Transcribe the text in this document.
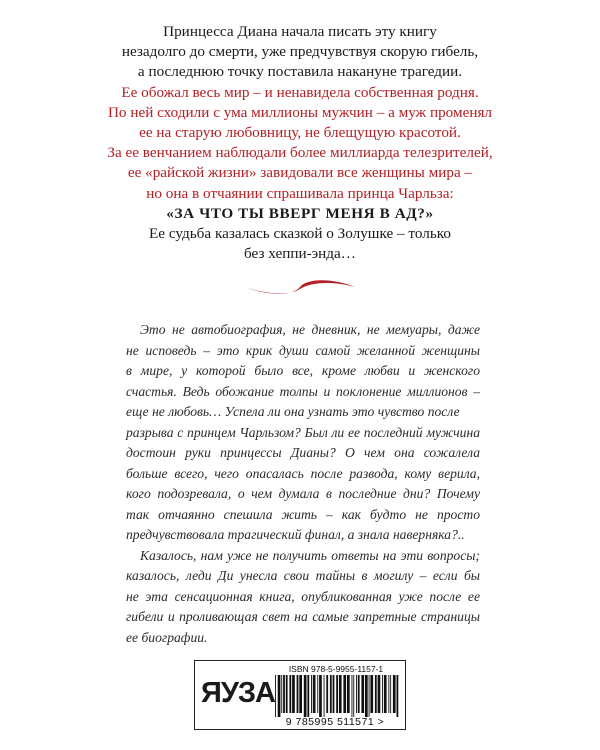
Принцесса Диана начала писать эту книгу
незадолго до смерти, уже предчувствуя скорую гибель,
а последнюю точку поставила накануне трагедии.
Ее обожал весь мир – и ненавидела собственная родня.
По ней сходили с ума миллионы мужчин – а муж променял
ее на старую любовницу, не блещущую красотой.
За ее венчанием наблюдали более миллиарда телезрителей,
ее «райской жизни» завидовали все женщины мира –
но она в отчаянии спрашивала принца Чарльза:
«ЗА ЧТО ТЫ ВВЕРГ МЕНЯ В АД?»
Ее судьба казалась сказкой о Золушке – только
без хеппи-энда…
Это не автобиография, не дневник, не мемуары, даже
не исповедь – это крик души самой желанной женщины
в мире, у которой было все, кроме любви и женского
счастья. Ведь обожание толпы и поклонение миллионов –
еще не любовь… Успела ли она узнать это чувство после
разрыва с принцем Чарльзом? Был ли ее последний мужчина
достоин руки принцессы Дианы? О чем она сожалела
больше всего, чего опасалась после развода, кому верила,
кого подозревала, о чем думала в последние дни? Почему
так отчаянно спешила жить – как будто не просто
предчувствовала трагический финал, а знала наверняка?..
Казалось, нам уже не получить ответы на эти вопросы;
казалось, леди Ди унесла свои тайны в могилу – если бы
не эта сенсационная книга, опубликованная уже после ее
гибели и проливающая свет на самые запретные страницы
ее биографии.
ЯУЗА
ISBN 978-5-9955-1157-1
9 785995 511571 >
